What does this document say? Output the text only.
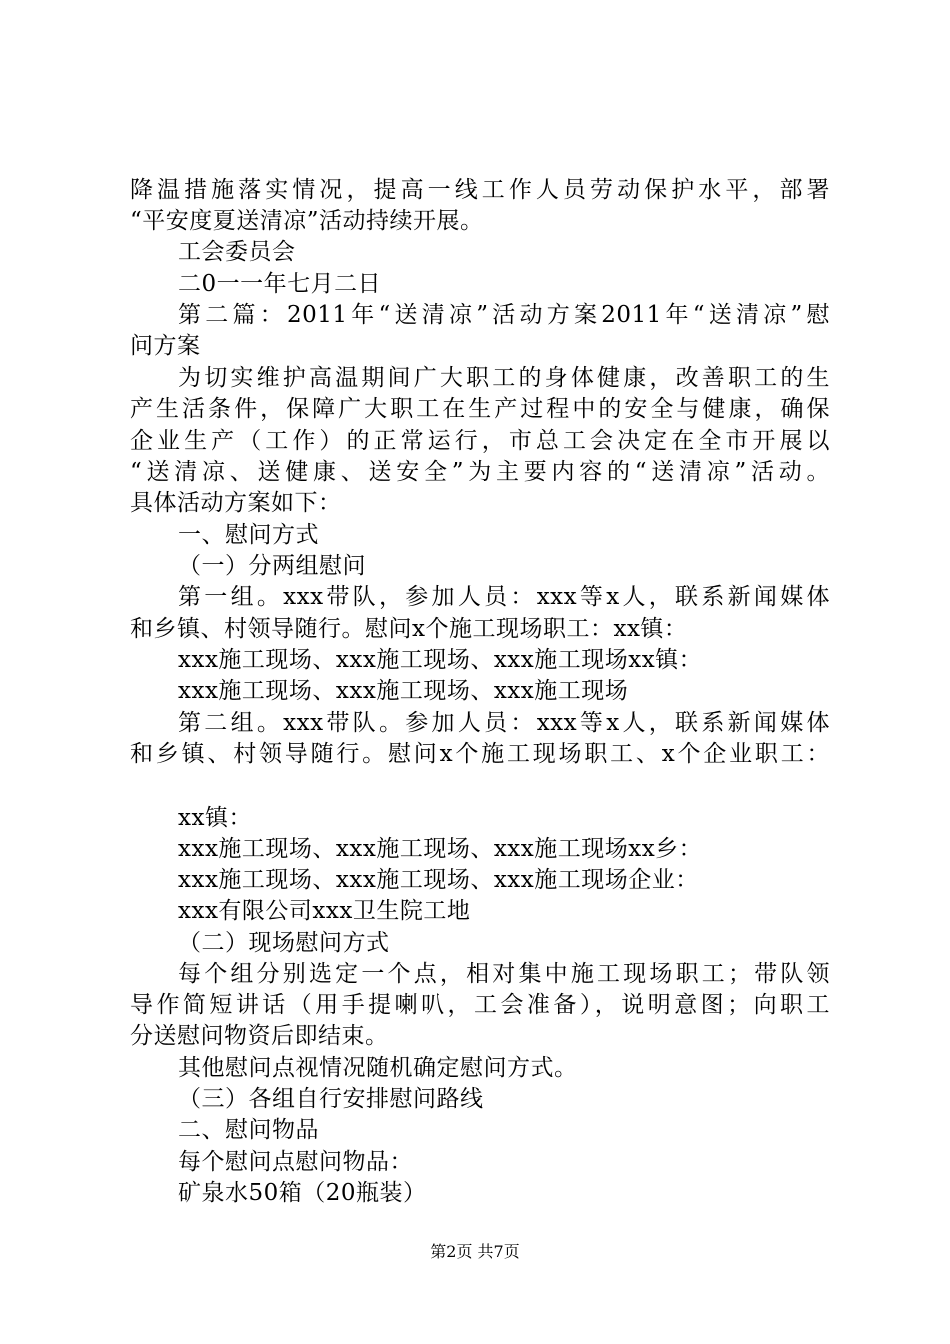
降温措施落实情况，提高一线工作人员劳动保护水平，部署
“平安度夏送清凉”活动持续开展。
工会委员会
二0一一年七月二日
第二篇：2011年“送清凉”活动方案2011年“送清凉”慰
问方案
为切实维护高温期间广大职工的身体健康，改善职工的生
产生活条件，保障广大职工在生产过程中的安全与健康，确保
企业生产（工作）的正常运行，市总工会决定在全市开展以
“送清凉、送健康、送安全”为主要内容的“送清凉”活动。
具体活动方案如下：
一、慰问方式
（一）分两组慰问
第一组。xxx带队，参加人员：xxx等x人，联系新闻媒体
和乡镇、村领导随行。慰问x个施工现场职工：xx镇：
xxx施工现场、xxx施工现场、xxx施工现场xx镇：
xxx施工现场、xxx施工现场、xxx施工现场
第二组。xxx带队。参加人员：xxx等x人，联系新闻媒体
和乡镇、村领导随行。慰问x个施工现场职工、x个企业职工：
xx镇：
xxx施工现场、xxx施工现场、xxx施工现场xx乡：
xxx施工现场、xxx施工现场、xxx施工现场企业：
xxx有限公司xxx卫生院工地
（二）现场慰问方式
每个组分别选定一个点，相对集中施工现场职工；带队领
导作简短讲话（用手提喇叭，工会准备），说明意图；向职工
分送慰问物资后即结束。
其他慰问点视情况随机确定慰问方式。
（三）各组自行安排慰问路线
二、慰问物品
每个慰问点慰问物品：
矿泉水50箱（20瓶装）
第2页 共7页
